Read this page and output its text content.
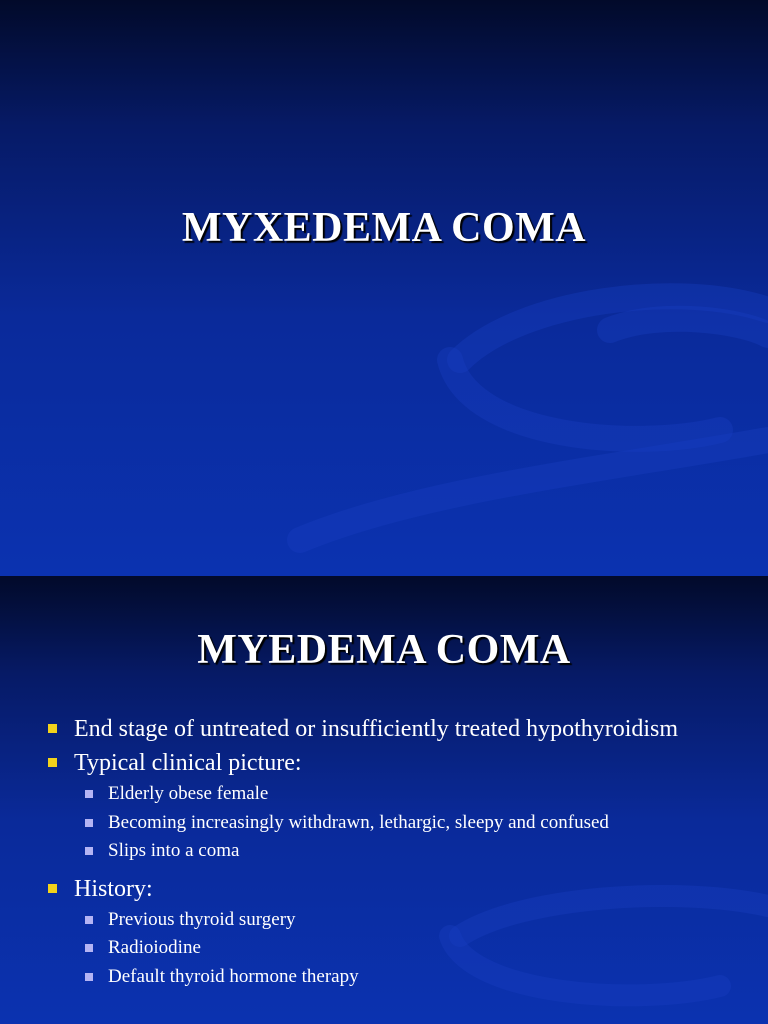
MYXEDEMA COMA
MYEDEMA COMA
End stage of untreated or insufficiently treated hypothyroidism
Typical clinical picture:
Elderly obese female
Becoming increasingly withdrawn, lethargic, sleepy and confused
Slips into a coma
History:
Previous thyroid surgery
Radioiodine
Default thyroid hormone therapy
